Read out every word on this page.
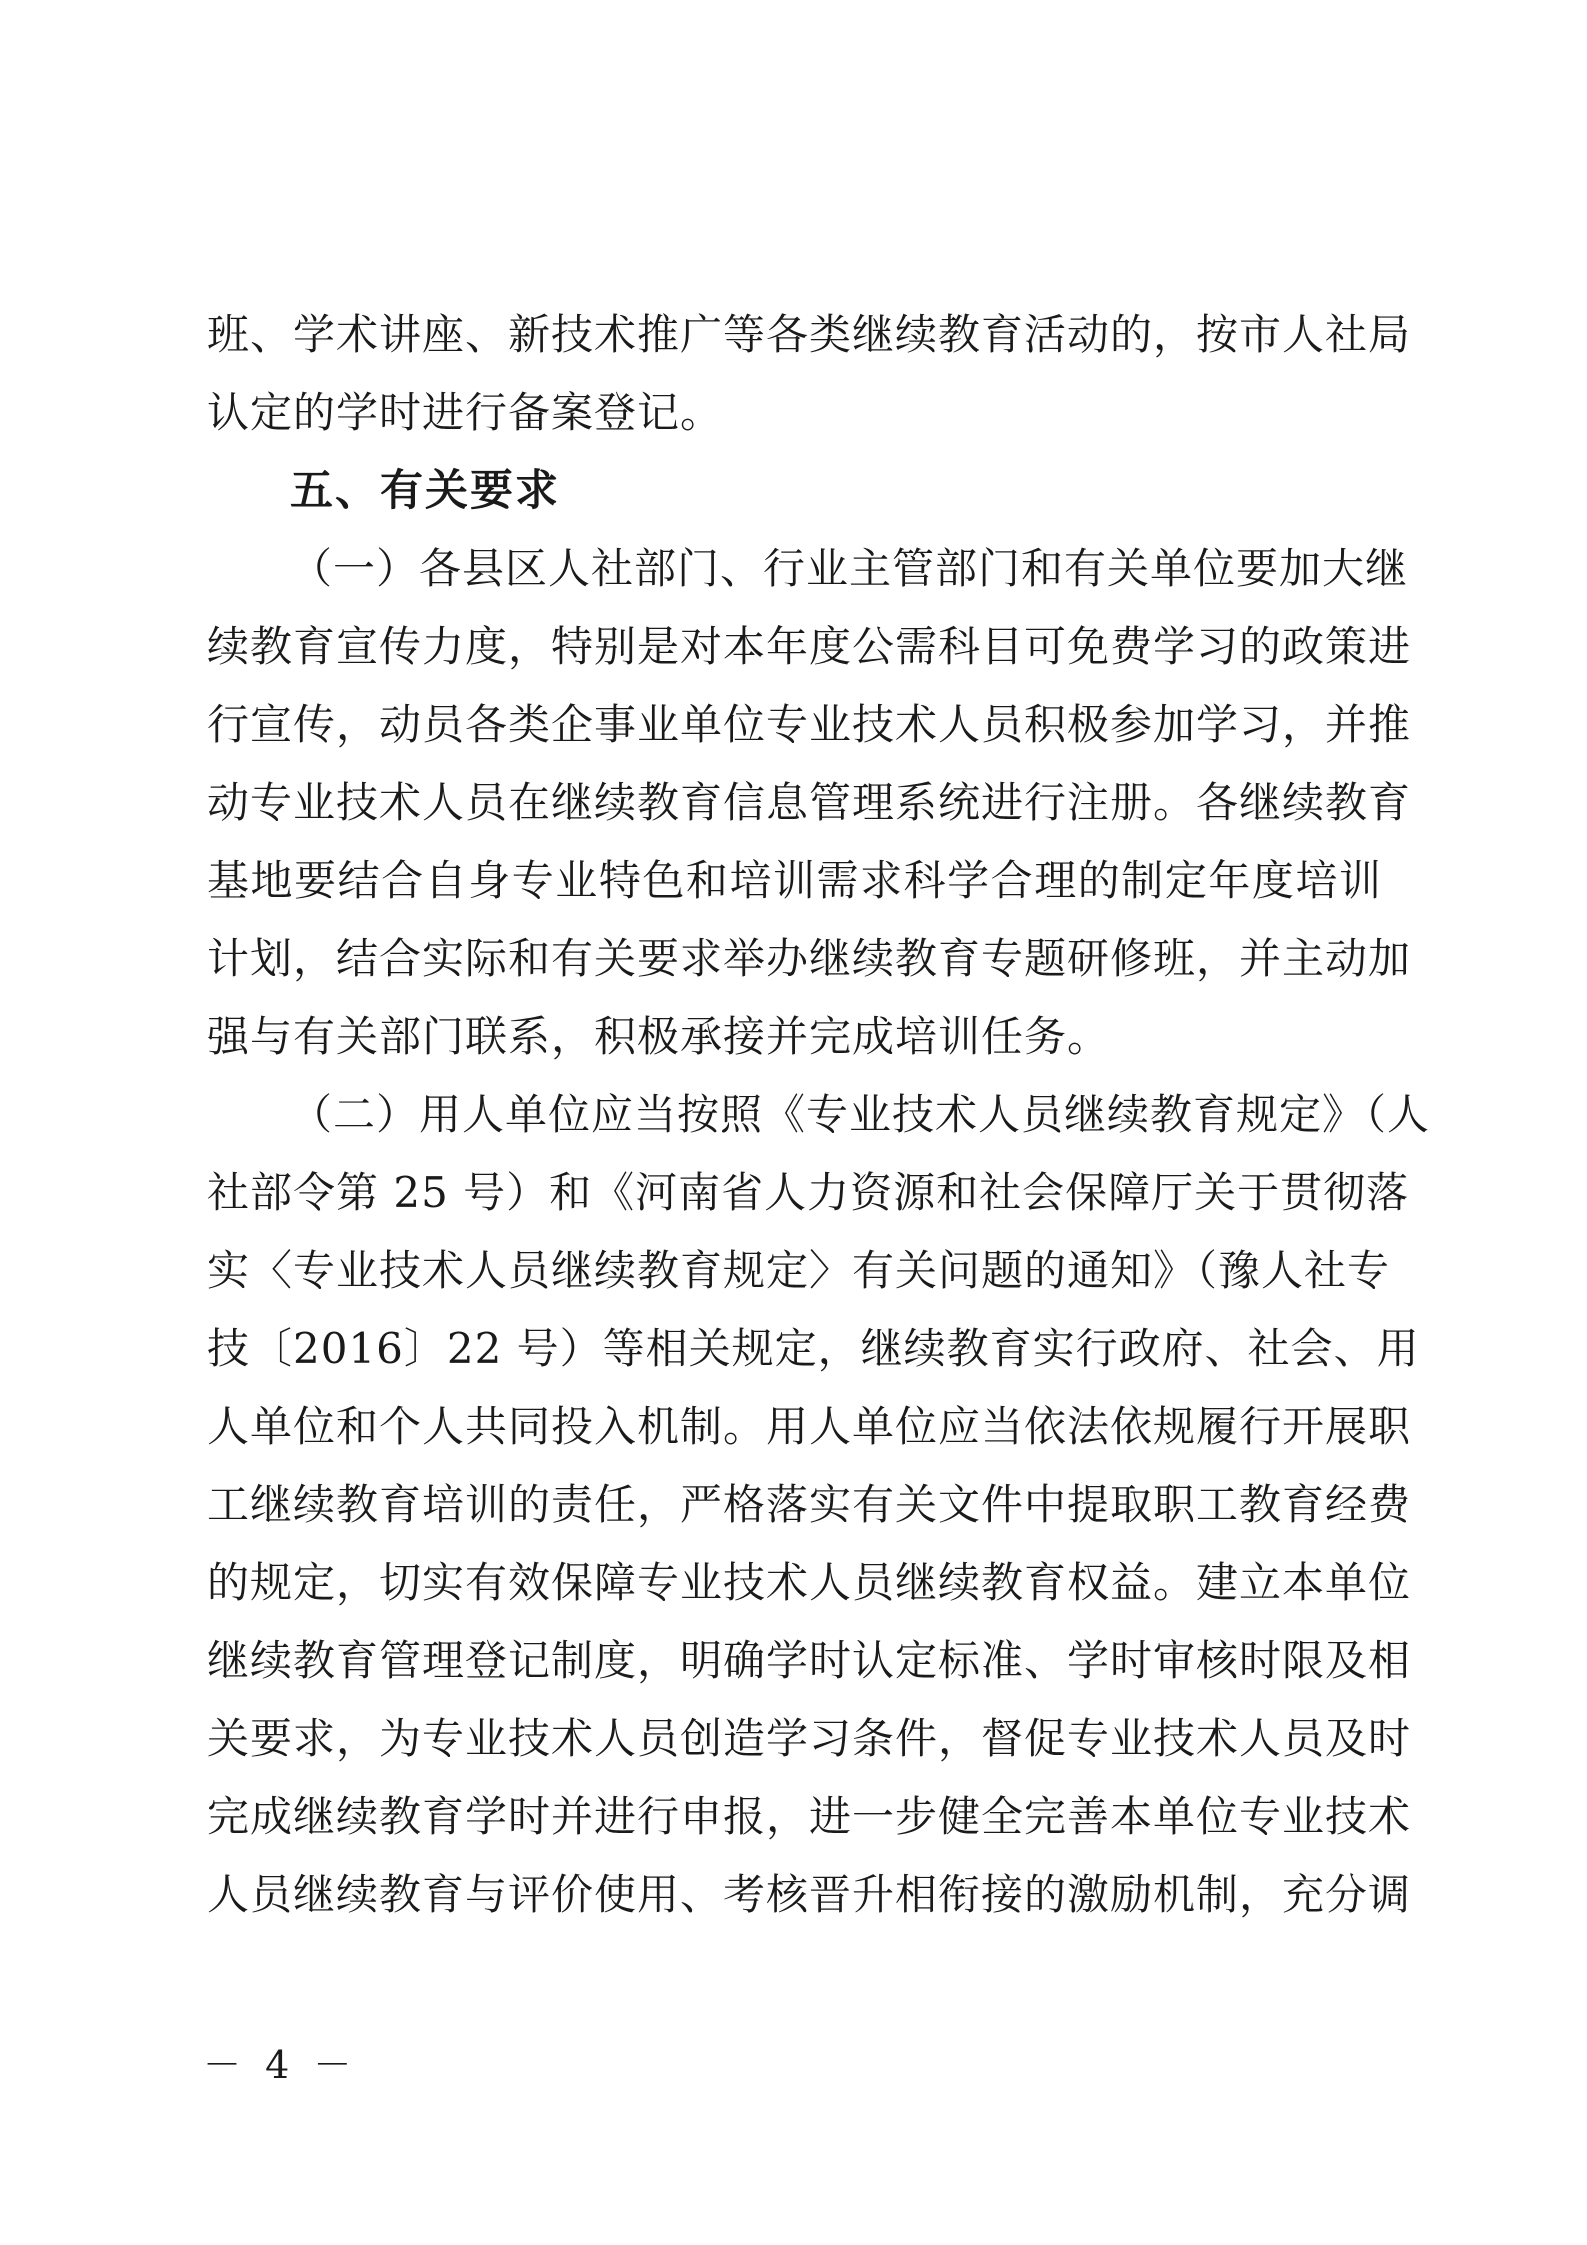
班、学术讲座、新技术推广等各类继续教育活动的，按市人社局
认定的学时进行备案登记。
五、有关要求
（一）各县区人社部门、行业主管部门和有关单位要加大继
续教育宣传力度，特别是对本年度公需科目可免费学习的政策进
行宣传，动员各类企事业单位专业技术人员积极参加学习，并推
动专业技术人员在继续教育信息管理系统进行注册。各继续教育
基地要结合自身专业特色和培训需求科学合理的制定年度培训
计划，结合实际和有关要求举办继续教育专题研修班，并主动加
强与有关部门联系，积极承接并完成培训任务。
（二）用人单位应当按照《专业技术人员继续教育规定》（人
社部令第 25 号）和《河南省人力资源和社会保障厅关于贯彻落
实〈专业技术人员继续教育规定〉有关问题的通知》（豫人社专
技〔2016〕22 号）等相关规定，继续教育实行政府、社会、用
人单位和个人共同投入机制。用人单位应当依法依规履行开展职
工继续教育培训的责任，严格落实有关文件中提取职工教育经费
的规定，切实有效保障专业技术人员继续教育权益。建立本单位
继续教育管理登记制度，明确学时认定标准、学时审核时限及相
关要求，为专业技术人员创造学习条件，督促专业技术人员及时
完成继续教育学时并进行申报，进一步健全完善本单位专业技术
人员继续教育与评价使用、考核晋升相衔接的激励机制，充分调
－ 4 －
